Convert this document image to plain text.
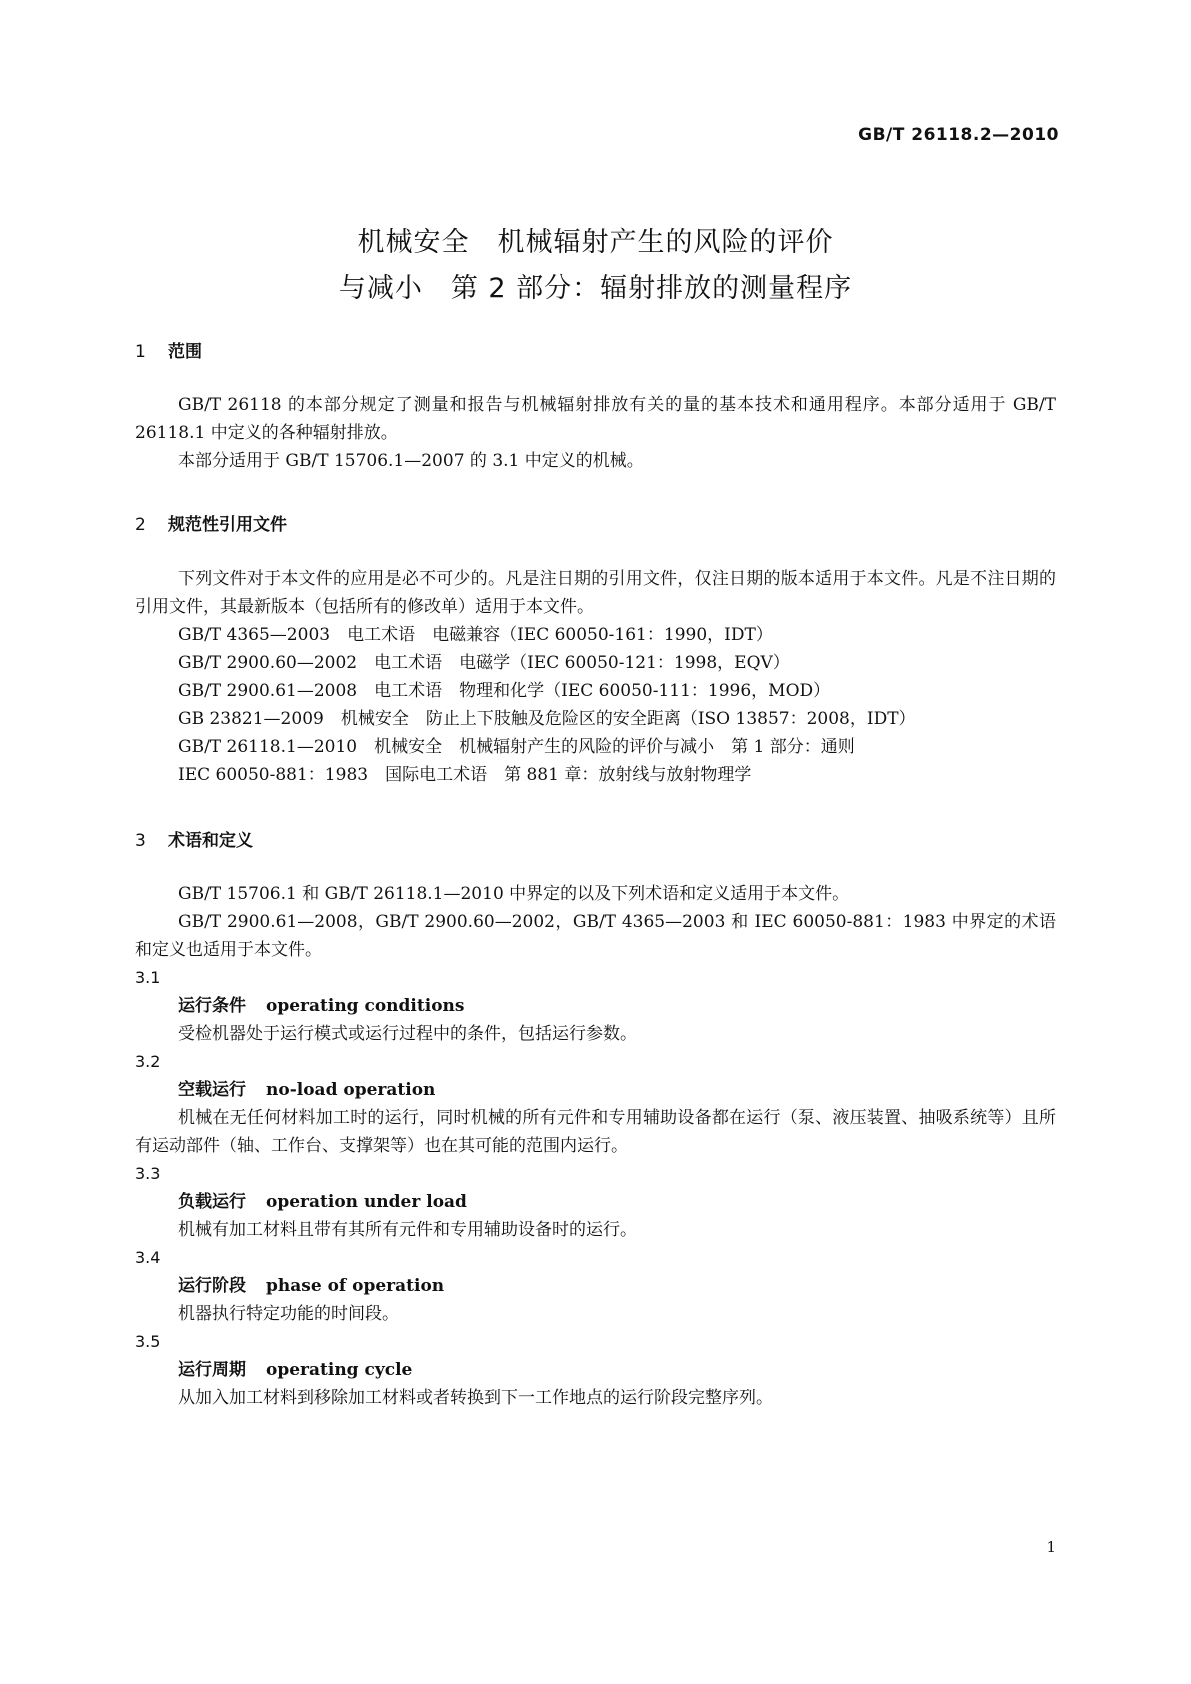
GB/T 26118.2—2010
机械安全　机械辐射产生的风险的评价
与减小　第 2 部分：辐射排放的测量程序
1 范围

GB/T 26118 的本部分规定了测量和报告与机械辐射排放有关的量的基本技术和通用程序。本部分适用于 GB/T 26118.1 中定义的各种辐射排放。

本部分适用于 GB/T 15706.1—2007 的 3.1 中定义的机械。

2 规范性引用文件

下列文件对于本文件的应用是必不可少的。凡是注日期的引用文件，仅注日期的版本适用于本文件。凡是不注日期的引用文件，其最新版本（包括所有的修改单）适用于本文件。

GB/T 4365—2003　电工术语　电磁兼容（IEC 60050-161：1990，IDT）

GB/T 2900.60—2002　电工术语　电磁学（IEC 60050-121：1998，EQV）

GB/T 2900.61—2008　电工术语　物理和化学（IEC 60050-111：1996，MOD）

GB 23821—2009　机械安全　防止上下肢触及危险区的安全距离（ISO 13857：2008，IDT）

GB/T 26118.1—2010　机械安全　机械辐射产生的风险的评价与减小　第 1 部分：通则

IEC 60050-881：1983　国际电工术语　第 881 章：放射线与放射物理学

3 术语和定义

GB/T 15706.1 和 GB/T 26118.1—2010 中界定的以及下列术语和定义适用于本文件。

GB/T 2900.61—2008，GB/T 2900.60—2002，GB/T 4365—2003 和 IEC 60050-881：1983 中界定的术语和定义也适用于本文件。

3.1

运行条件 operating conditions

受检机器处于运行模式或运行过程中的条件，包括运行参数。

3.2

空载运行 no-load operation

机械在无任何材料加工时的运行，同时机械的所有元件和专用辅助设备都在运行（泵、液压装置、抽吸系统等）且所有运动部件（轴、工作台、支撑架等）也在其可能的范围内运行。

3.3

负载运行 operation under load

机械有加工材料且带有其所有元件和专用辅助设备时的运行。

3.4

运行阶段 phase of operation

机器执行特定功能的时间段。

3.5

运行周期 operating cycle

从加入加工材料到移除加工材料或者转换到下一工作地点的运行阶段完整序列。

1
